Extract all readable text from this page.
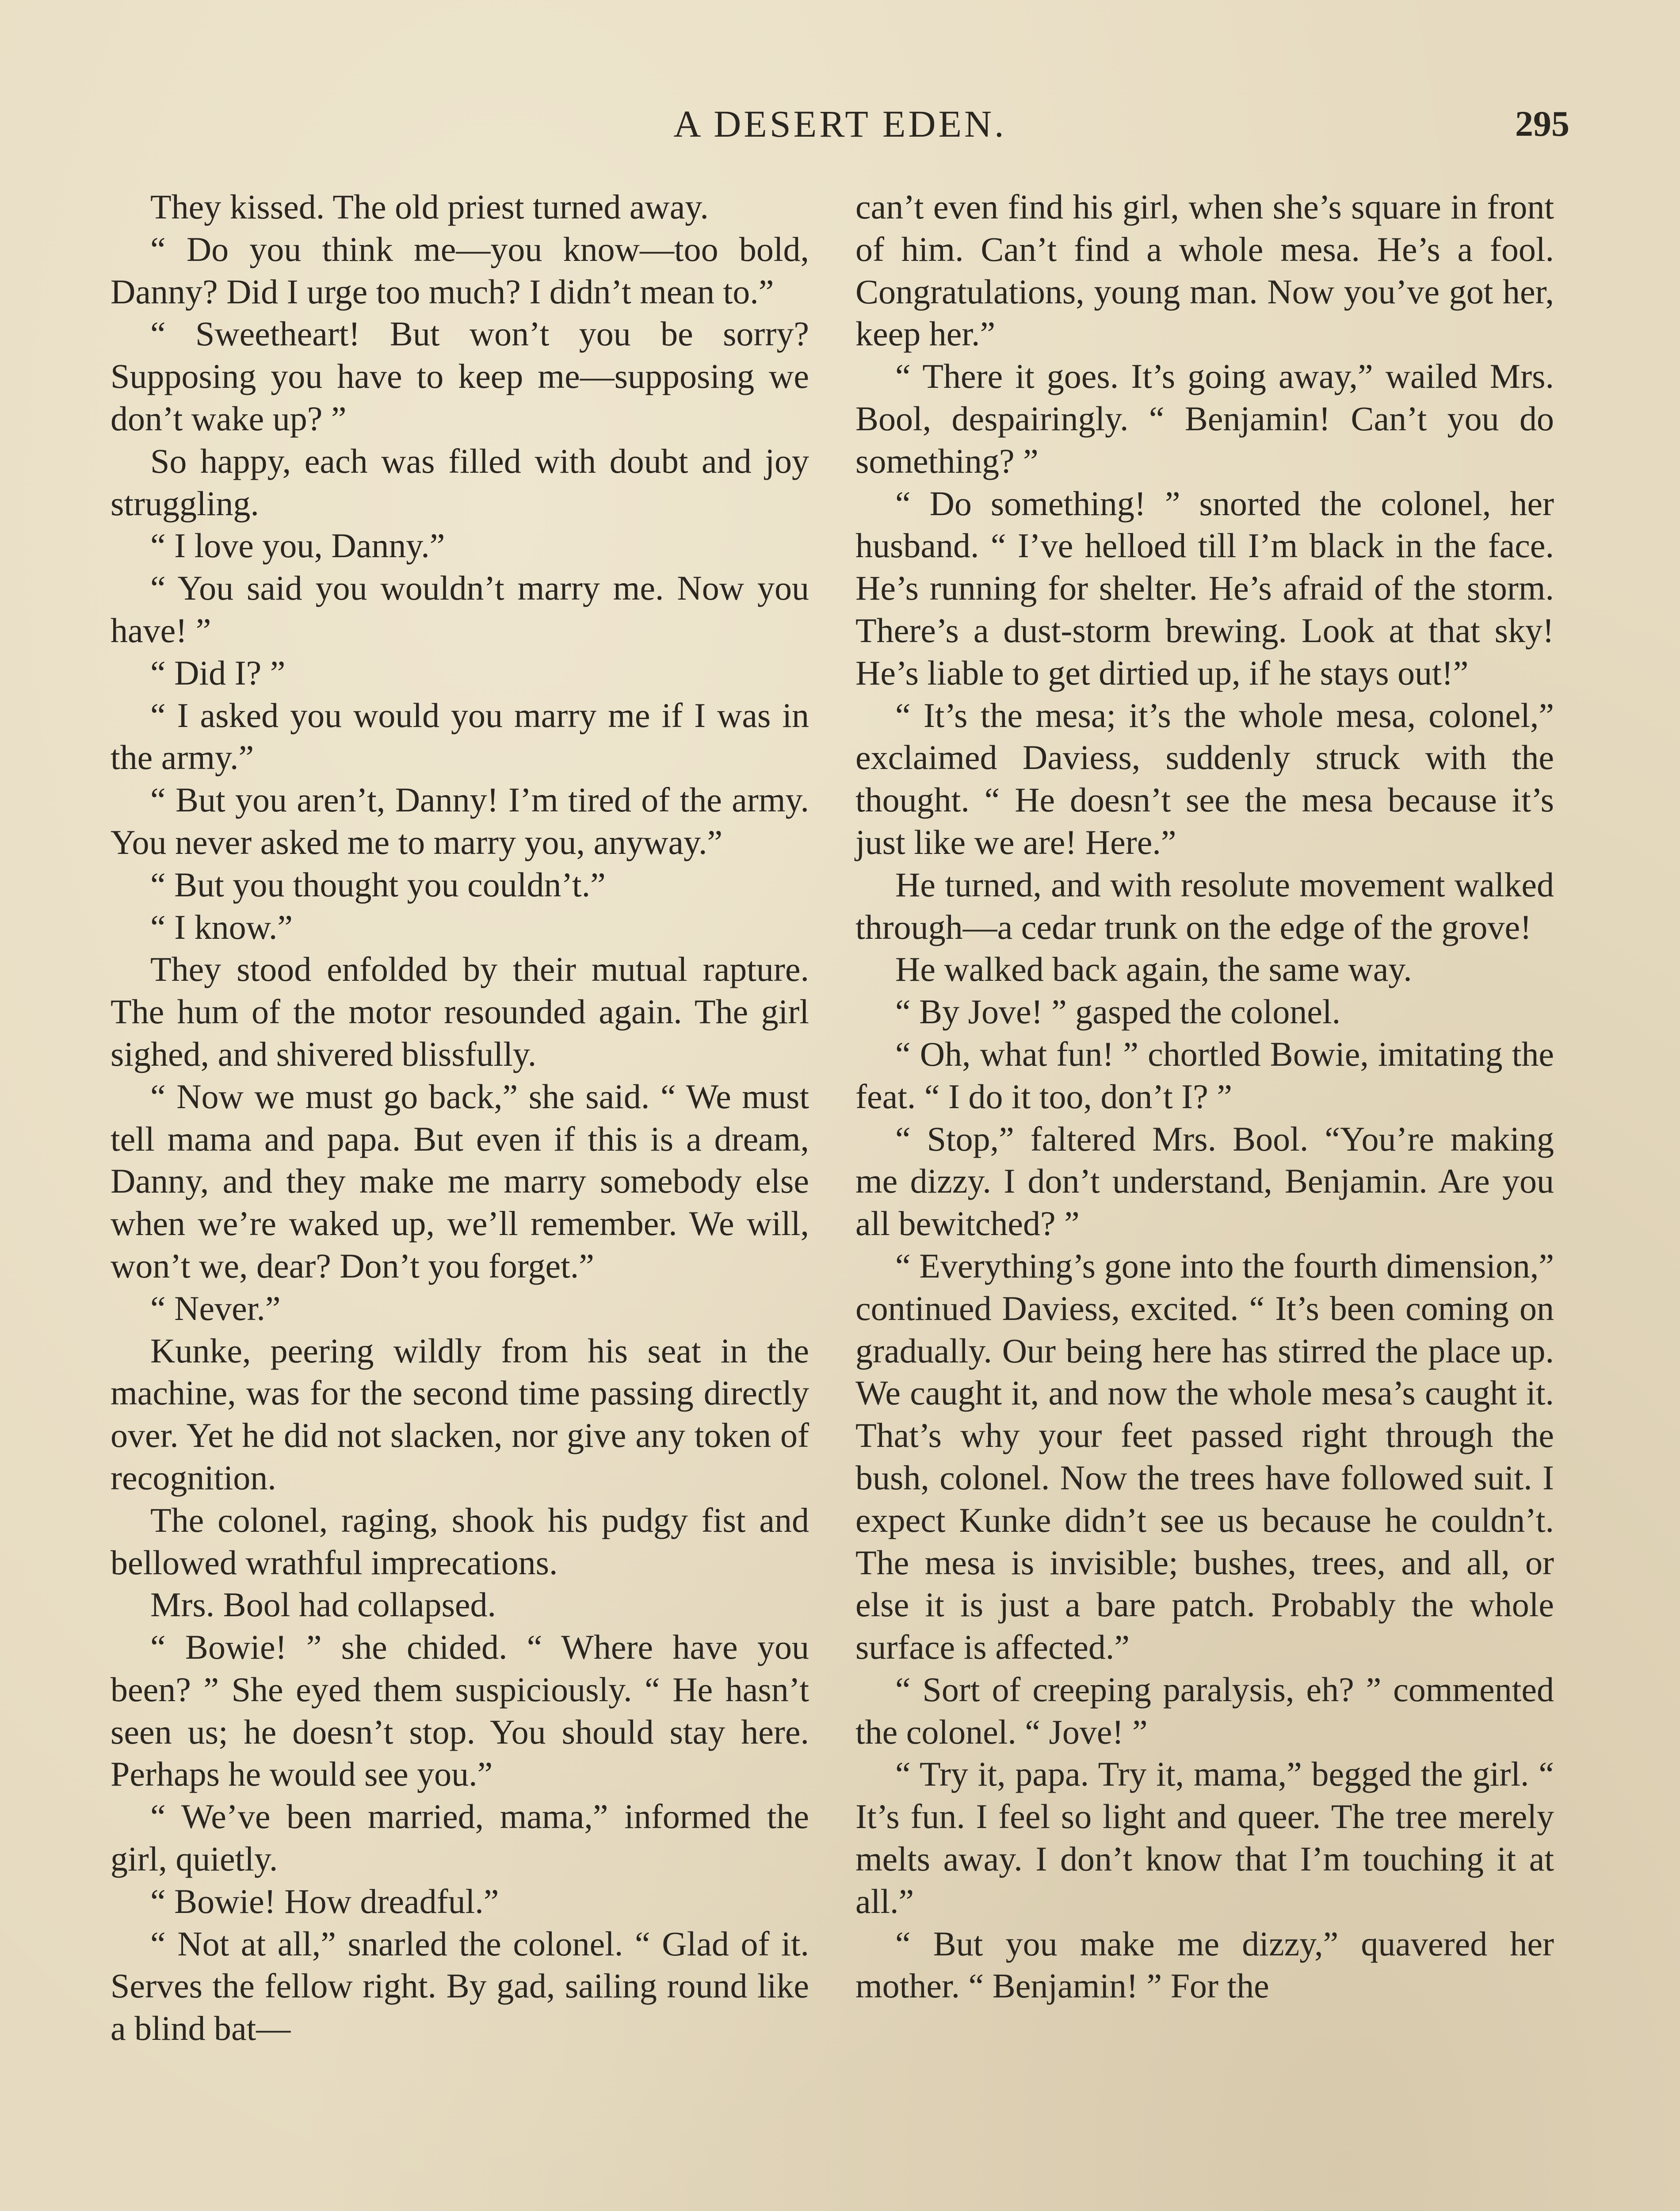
A DESERT EDEN.	295

They kissed. The old priest turned away.

“ Do you think me—you know—too bold, Danny? Did I urge too much? I didn’t mean to.”

“ Sweetheart! But won’t you be sorry? Supposing you have to keep me—supposing we don’t wake up? ”

So happy, each was filled with doubt and joy struggling.

“ I love you, Danny.”

“ You said you wouldn’t marry me. Now you have! ”

“ Did I? ”

“ I asked you would you marry me if I was in the army.”

“ But you aren’t, Danny! I’m tired of the army. You never asked me to marry you, anyway.”

“ But you thought you couldn’t.”

“ I know.”

They stood enfolded by their mutual rapture. The hum of the motor resounded again. The girl sighed, and shivered blissfully.

“ Now we must go back,” she said. “ We must tell mama and papa. But even if this is a dream, Danny, and they make me marry somebody else when we’re waked up, we’ll remember. We will, won’t we, dear? Don’t you forget.”

“ Never.”

Kunke, peering wildly from his seat in the machine, was for the second time passing directly over. Yet he did not slacken, nor give any token of recognition.

The colonel, raging, shook his pudgy fist and bellowed wrathful imprecations.

Mrs. Bool had collapsed.

“ Bowie! ” she chided. “ Where have you been? ” She eyed them suspiciously. “ He hasn’t seen us; he doesn’t stop. You should stay here. Perhaps he would see you.”

“ We’ve been married, mama,” informed the girl, quietly.

“ Bowie! How dreadful.”

“ Not at all,” snarled the colonel. “ Glad of it. Serves the fellow right. By gad, sailing round like a blind bat—

can’t even find his girl, when she’s square in front of him. Can’t find a whole mesa. He’s a fool. Congratulations, young man. Now you’ve got her, keep her.”

“ There it goes. It’s going away,” wailed Mrs. Bool, despairingly. “ Benjamin! Can’t you do something? ”

“ Do something! ” snorted the colonel, her husband. “ I’ve helloed till I’m black in the face. He’s running for shelter. He’s afraid of the storm. There’s a dust-storm brewing. Look at that sky! He’s liable to get dirtied up, if he stays out!”

“ It’s the mesa; it’s the whole mesa, colonel,” exclaimed Daviess, suddenly struck with the thought. “ He doesn’t see the mesa because it’s just like we are! Here.”

He turned, and with resolute movement walked through—a cedar trunk on the edge of the grove!

He walked back again, the same way.

“ By Jove! ” gasped the colonel.

“ Oh, what fun! ” chortled Bowie, imitating the feat. “ I do it too, don’t I? ”

“ Stop,” faltered Mrs. Bool. “You’re making me dizzy. I don’t understand, Benjamin. Are you all bewitched? ”

“ Everything’s gone into the fourth dimension,” continued Daviess, excited. “ It’s been coming on gradually. Our being here has stirred the place up. We caught it, and now the whole mesa’s caught it. That’s why your feet passed right through the bush, colonel. Now the trees have followed suit. I expect Kunke didn’t see us because he couldn’t. The mesa is invisible; bushes, trees, and all, or else it is just a bare patch. Probably the whole surface is affected.”

“ Sort of creeping paralysis, eh? ” commented the colonel. “ Jove! ”

“ Try it, papa. Try it, mama,” begged the girl. “ It’s fun. I feel so light and queer. The tree merely melts away. I don’t know that I’m touching it at all.”

“ But you make me dizzy,” quavered her mother. “ Benjamin! ” For the
